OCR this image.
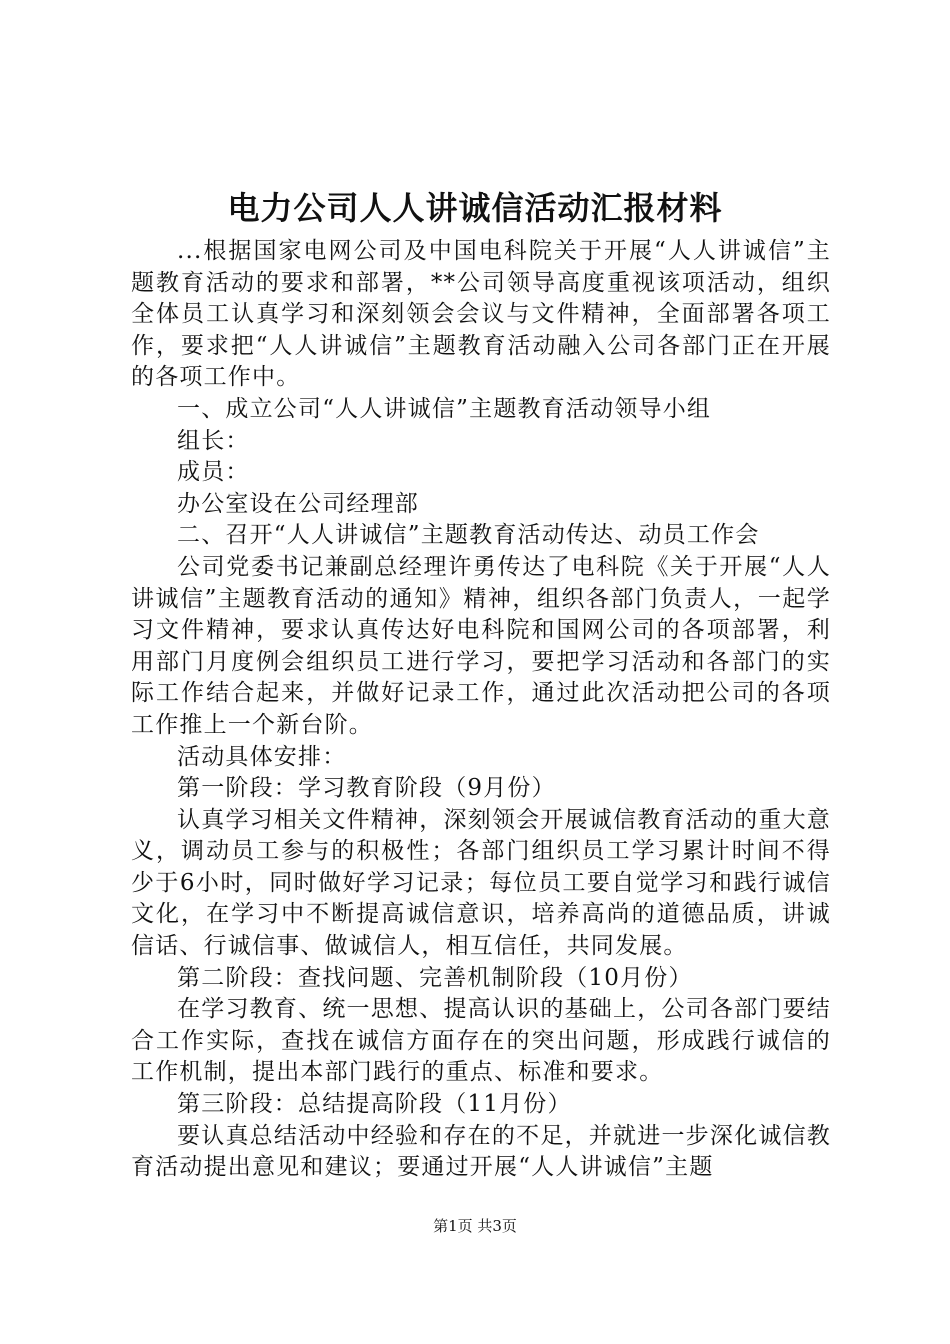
电力公司人人讲诚信活动汇报材料

...根据国家电网公司及中国电科院关于开展“人人讲诚信”主题教育活动的要求和部署，**公司领导高度重视该项活动，组织全体员工认真学习和深刻领会会议与文件精神，全面部署各项工作，要求把“人人讲诚信”主题教育活动融入公司各部门正在开展的各项工作中。

一、成立公司“人人讲诚信”主题教育活动领导小组

组长：

成员：

办公室设在公司经理部

二、召开“人人讲诚信”主题教育活动传达、动员工作会

公司党委书记兼副总经理许勇传达了电科院《关于开展“人人讲诚信”主题教育活动的通知》精神，组织各部门负责人，一起学习文件精神，要求认真传达好电科院和国网公司的各项部署，利用部门月度例会组织员工进行学习，要把学习活动和各部门的实际工作结合起来，并做好记录工作，通过此次活动把公司的各项工作推上一个新台阶。

活动具体安排：

第一阶段：学习教育阶段（9月份）

认真学习相关文件精神，深刻领会开展诚信教育活动的重大意义，调动员工参与的积极性；各部门组织员工学习累计时间不得少于6小时，同时做好学习记录；每位员工要自觉学习和践行诚信文化，在学习中不断提高诚信意识，培养高尚的道德品质，讲诚信话、行诚信事、做诚信人，相互信任，共同发展。

第二阶段：查找问题、完善机制阶段（10月份）

在学习教育、统一思想、提高认识的基础上，公司各部门要结合工作实际，查找在诚信方面存在的突出问题，形成践行诚信的工作机制，提出本部门践行的重点、标准和要求。

第三阶段：总结提高阶段（11月份）

要认真总结活动中经验和存在的不足，并就进一步深化诚信教育活动提出意见和建议；要通过开展“人人讲诚信”主题

第1页 共3页
